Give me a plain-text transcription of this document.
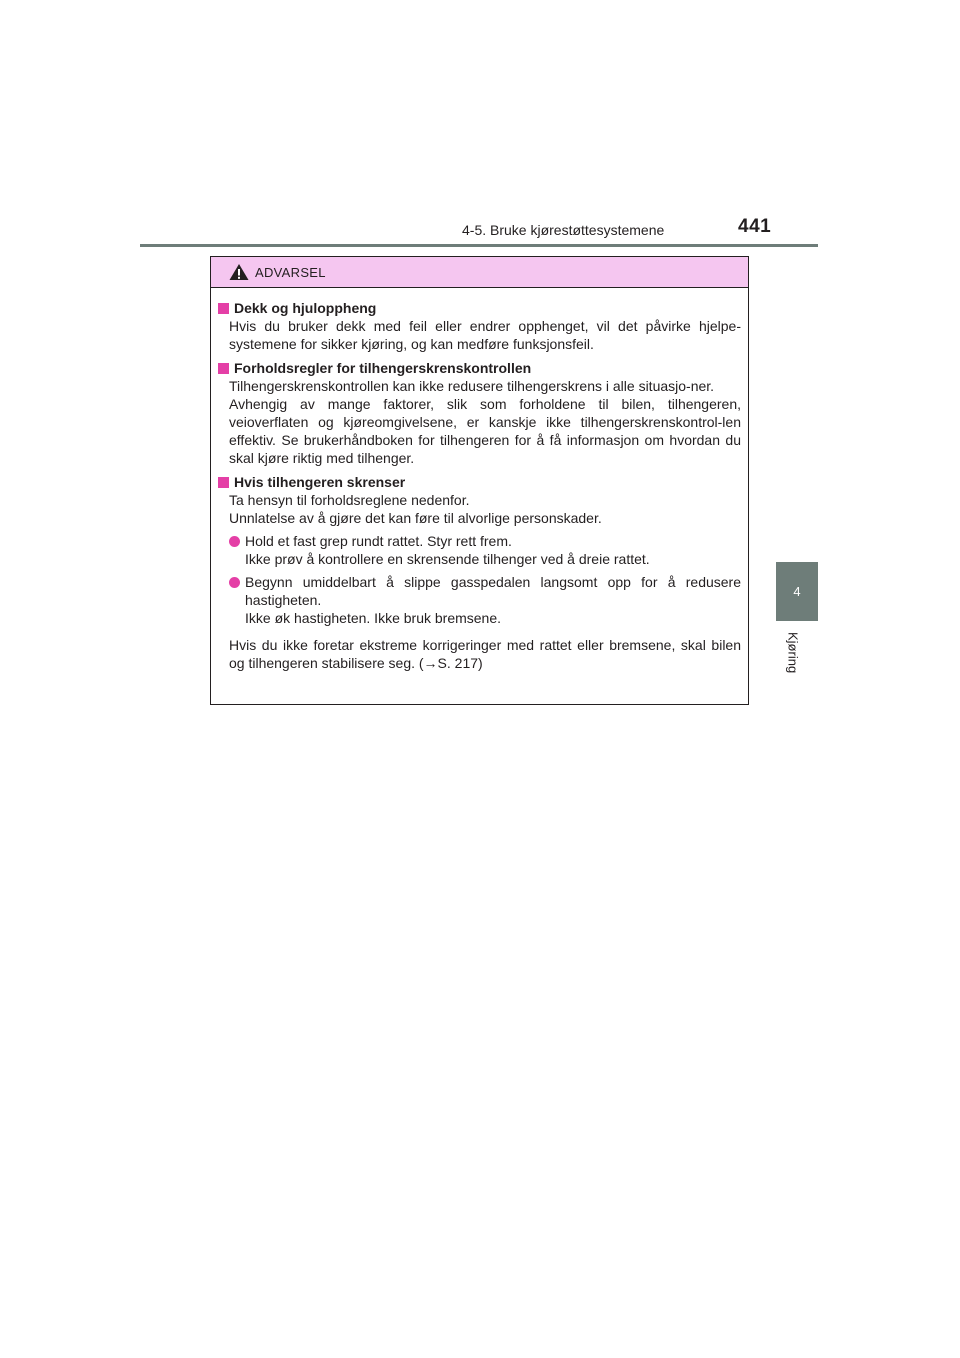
4-5. Bruke kjørestøttesystemene	441
4
Kjøring
ADVARSEL
Dekk og hjuloppheng
Hvis du bruker dekk med feil eller endrer opphenget, vil det påvirke hjelpe-systemene for sikker kjøring, og kan medføre funksjonsfeil.
Forholdsregler for tilhengerskrenskontrollen
Tilhengerskrenskontrollen kan ikke redusere tilhengerskrens i alle situasjo-ner.
Avhengig av mange faktorer, slik som forholdene til bilen, tilhengeren, veioverflaten og kjøreomgivelsene, er kanskje ikke tilhengerskrenskontrol-len effektiv. Se brukerhåndboken for tilhengeren for å få informasjon om hvordan du skal kjøre riktig med tilhenger.
Hvis tilhengeren skrenser
Ta hensyn til forholdsreglene nedenfor.
Unnlatelse av å gjøre det kan føre til alvorlige personskader.
Hold et fast grep rundt rattet. Styr rett frem.
Ikke prøv å kontrollere en skrensende tilhenger ved å dreie rattet.
Begynn umiddelbart å slippe gasspedalen langsomt opp for å redusere hastigheten.
Ikke øk hastigheten. Ikke bruk bremsene.
Hvis du ikke foretar ekstreme korrigeringer med rattet eller bremsene, skal bilen og tilhengeren stabilisere seg. (→S. 217)
